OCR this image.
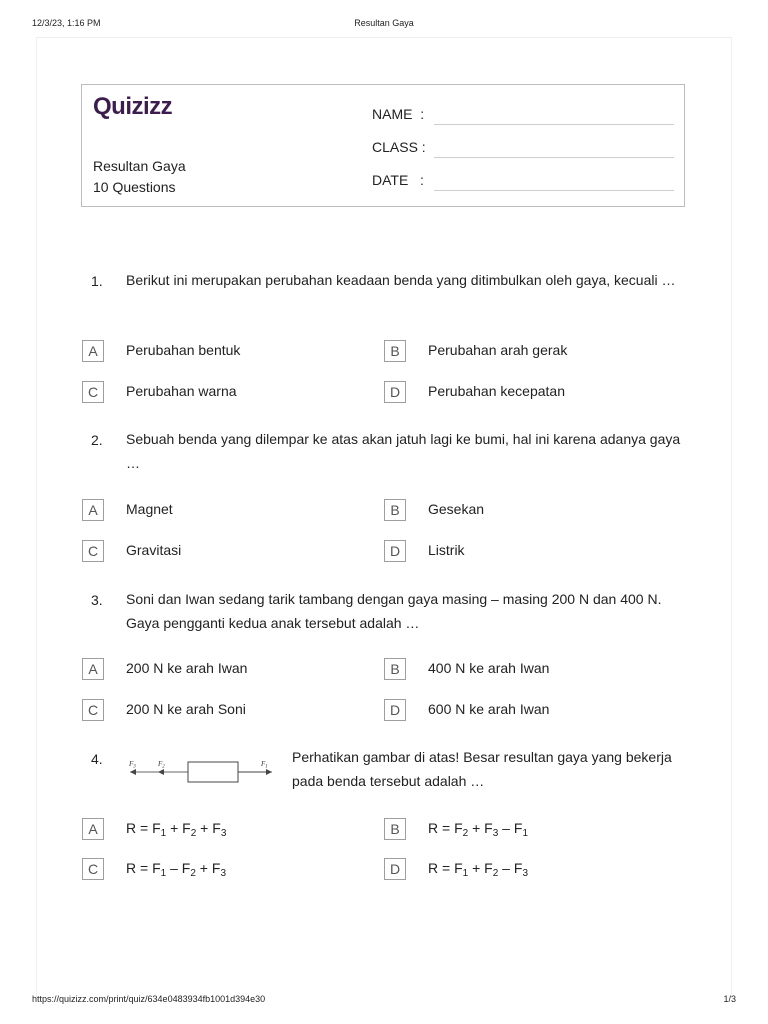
12/3/23, 1:16 PM	Resultan Gaya
Quizizz
Resultan Gaya
10 Questions
NAME  :
CLASS :
DATE   :
1. Berikut ini merupakan perubahan keadaan benda yang ditimbulkan oleh gaya, kecuali …
A	Perubahan bentuk	B	Perubahan arah gerak
C	Perubahan warna	D	Perubahan kecepatan
2. Sebuah benda yang dilempar ke atas akan jatuh lagi ke bumi, hal ini karena adanya gaya …
A	Magnet	B	Gesekan
C	Gravitasi	D	Listrik
3. Soni dan Iwan sedang tarik tambang dengan gaya masing – masing 200 N dan 400 N. Gaya pengganti kedua anak tersebut adalah …
A	200 N ke arah Iwan	B	400 N ke arah Iwan
C	200 N ke arah Soni	D	600 N ke arah Iwan
4.	$F_3$	$F_2$	$F_1$
Perhatikan gambar di atas! Besar resultan gaya yang bekerja pada benda tersebut adalah …
A	$R = F_1 + F_2 + F_3$	B	$R = F_2 + F_3 - F_1$
C	$R = F_1 - F_2 + F_3$	D	$R = F_1 + F_2 - F_3$
https://quizizz.com/print/quiz/634e0483934fb1001d394e30	1/3
